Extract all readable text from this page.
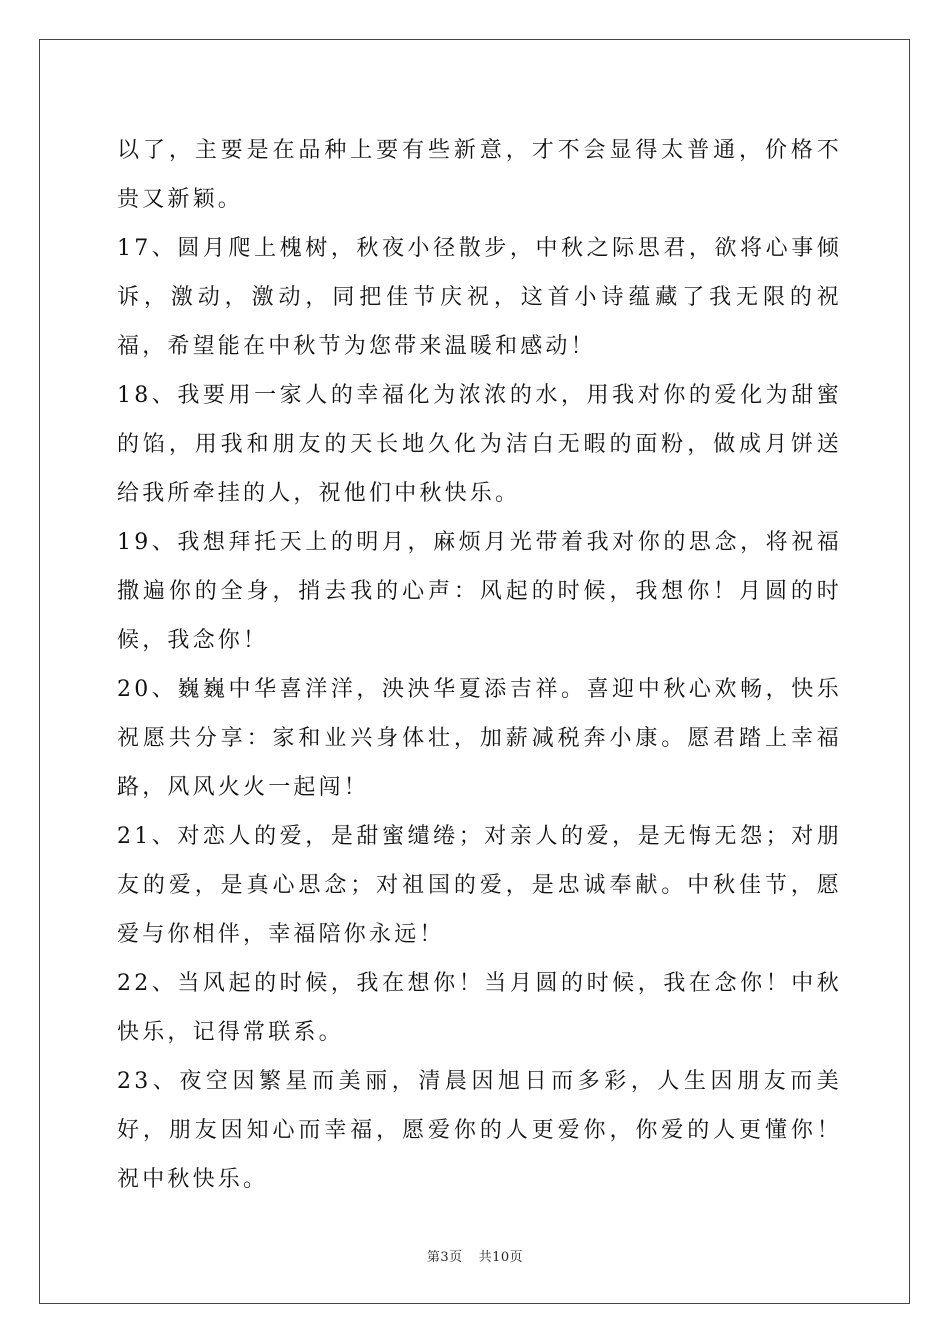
以了，主要是在品种上要有些新意，才不会显得太普通，价格不贵又新颖。

17、圆月爬上槐树，秋夜小径散步，中秋之际思君，欲将心事倾诉，激动，激动，同把佳节庆祝，这首小诗蕴藏了我无限的祝福，希望能在中秋节为您带来温暖和感动！

18、我要用一家人的幸福化为浓浓的水，用我对你的爱化为甜蜜的馅，用我和朋友的天长地久化为洁白无暇的面粉，做成月饼送给我所牵挂的人，祝他们中秋快乐。

19、我想拜托天上的明月，麻烦月光带着我对你的思念，将祝福撒遍你的全身，捎去我的心声：风起的时候，我想你！月圆的时候，我念你！

20、巍巍中华喜洋洋，泱泱华夏添吉祥。喜迎中秋心欢畅，快乐祝愿共分享：家和业兴身体壮，加薪减税奔小康。愿君踏上幸福路，风风火火一起闯！

21、对恋人的爱，是甜蜜缱绻；对亲人的爱，是无悔无怨；对朋友的爱，是真心思念；对祖国的爱，是忠诚奉献。中秋佳节，愿爱与你相伴，幸福陪你永远！

22、当风起的时候，我在想你！当月圆的时候，我在念你！中秋快乐，记得常联系。

23、夜空因繁星而美丽，清晨因旭日而多彩，人生因朋友而美好，朋友因知心而幸福，愿爱你的人更爱你，你爱的人更懂你！祝中秋快乐。

第3页 共10页
